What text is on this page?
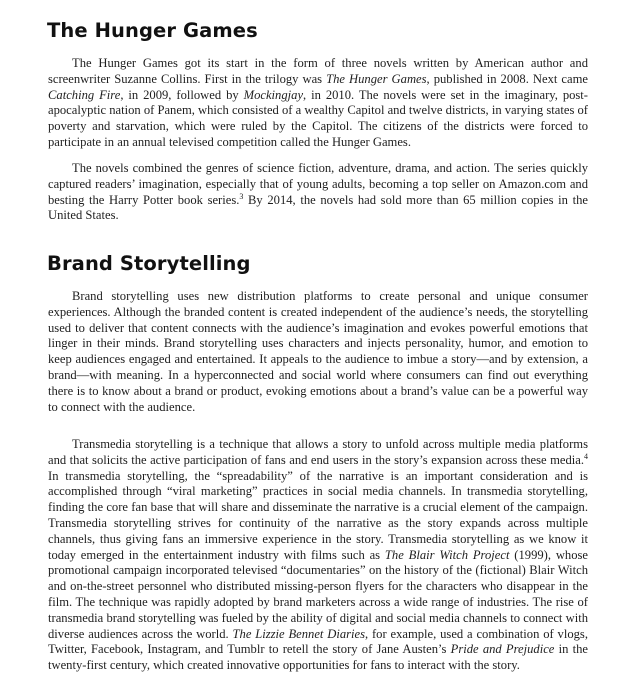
The Hunger Games

The Hunger Games got its start in the form of three novels written by American author and screenwriter Suzanne Collins. First in the trilogy was The Hunger Games, published in 2008. Next came Catching Fire, in 2009, followed by Mockingjay, in 2010. The novels were set in the imaginary, post-apocalyptic nation of Panem, which consisted of a wealthy Capitol and twelve districts, in varying states of poverty and starvation, which were ruled by the Capitol. The citizens of the districts were forced to participate in an annual televised competition called the Hunger Games.

The novels combined the genres of science fiction, adventure, drama, and action. The series quickly captured readers’ imagination, especially that of young adults, becoming a top seller on Amazon.com and besting the Harry Potter book series.$^3$ By 2014, the novels had sold more than 65 million copies in the United States.

Brand Storytelling

Brand storytelling uses new distribution platforms to create personal and unique consumer experiences. Although the branded content is created independent of the audience’s needs, the storytelling used to deliver that content connects with the audience’s imagination and evokes powerful emotions that linger in their minds. Brand storytelling uses characters and injects personality, humor, and emotion to keep audiences engaged and entertained. It appeals to the audience to imbue a story—and by extension, a brand—with meaning. In a hyperconnected and social world where consumers can find out everything there is to know about a brand or product, evoking emotions about a brand’s value can be a powerful way to connect with the audience.

Transmedia storytelling is a technique that allows a story to unfold across multiple media platforms and that solicits the active participation of fans and end users in the story’s expansion across these media.$^4$ In transmedia storytelling, the “spreadability” of the narrative is an important consideration and is accomplished through “viral marketing” practices in social media channels. In transmedia storytelling, finding the core fan base that will share and disseminate the narrative is a crucial element of the campaign. Transmedia storytelling strives for continuity of the narrative as the story expands across multiple channels, thus giving fans an immersive experience in the story. Transmedia storytelling as we know it today emerged in the entertainment industry with films such as The Blair Witch Project (1999), whose promotional campaign incorporated televised “documentaries” on the history of the (fictional) Blair Witch and on-the-street personnel who distributed missing-person flyers for the characters who disappear in the film. The technique was rapidly adopted by brand marketers across a wide range of industries. The rise of transmedia brand storytelling was fueled by the ability of digital and social media channels to connect with diverse audiences across the world. The Lizzie Bennet Diaries, for example, used a combination of vlogs, Twitter, Facebook, Instagram, and Tumblr to retell the story of Jane Austen’s Pride and Prejudice in the twenty-first century, which created innovative opportunities for fans to interact with the story.
